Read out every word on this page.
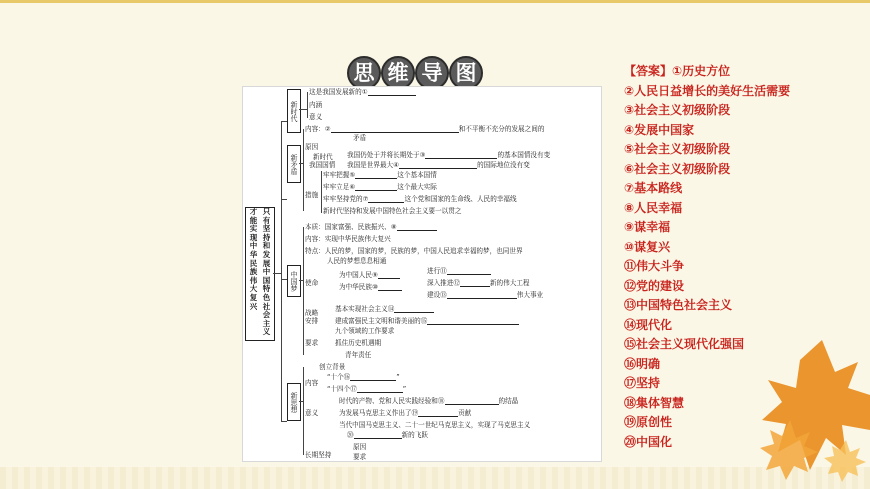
思 维 导 图
才
能
实
现
中
华
民
族
伟
大
复
兴
只
有
坚
持
和
发
展
中
国
特
色
社
会
主
义
新时代
这是我国发展新的①
内涵
意义
新矛盾
内容：②	和不平衡不充分的发展之间的
矛盾
原因
新时代
我国国情
我国仍处于并将长期处于③	的基本国情没有变
我国是世界最大④	的国际地位没有变
措施
牢牢把握⑤	这个基本国情
牢牢立足⑥	这个最大实际
牢牢坚持党的⑦	这个党和国家的生命线、人民的幸福线
新时代坚持和发展中国特色社会主义要一以贯之
中国梦
本质：国家富强、民族振兴、⑧
内容：实现中华民族伟大复兴
特点：人民的梦，国家的梦，民族的梦，中国人民追求幸福的梦，也同世界
人民的梦想息息相通
使命
为中国人民⑨
为中华民族⑩
进行⑪
深入推进⑫	新的伟大工程
建设⑬	伟大事业
战略安排
基本实现社会主义⑭
建成富强民主文明和谐美丽的⑮
要求
九个领域的工作要求
抓住历史机遇期
青年责任
新思想
创立背景
内容
“十个⑯	”
“十四个⑰	”
意义
时代的产物、党和人民实践经验和⑱	的结晶
为发展马克思主义作出了⑲	贡献
当代中国马克思主义、二十一世纪马克思主义，实现了马克思主义
⑳	新的飞跃
长期坚持
原因
要求
【答案】①历史方位
②人民日益增长的美好生活需要
③社会主义初级阶段
④发展中国家
⑤社会主义初级阶段
⑥社会主义初级阶段
⑦基本路线
⑧人民幸福
⑨谋幸福
⑩谋复兴
⑪伟大斗争
⑫党的建设
⑬中国特色社会主义
⑭现代化
⑮社会主义现代化强国
⑯明确
⑰坚持
⑱集体智慧
⑲原创性
⑳中国化
